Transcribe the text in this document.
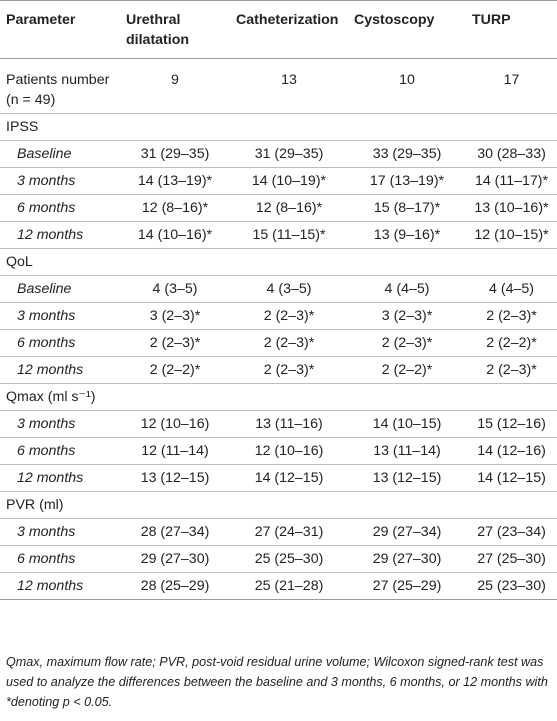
Parameter	Urethral dilatation	Catheterization	Cystoscopy	TURP
Patients number (n = 49)	9	13	10	17
IPSS				
Baseline	31 (29–35)	31 (29–35)	33 (29–35)	30 (28–33)
3 months	14 (13–19)*	14 (10–19)*	17 (13–19)*	14 (11–17)*
6 months	12 (8–16)*	12 (8–16)*	15 (8–17)*	13 (10–16)*
12 months	14 (10–16)*	15 (11–15)*	13 (9–16)*	12 (10–15)*
QoL				
Baseline	4 (3–5)	4 (3–5)	4 (4–5)	4 (4–5)
3 months	3 (2–3)*	2 (2–3)*	3 (2–3)*	2 (2–3)*
6 months	2 (2–3)*	2 (2–3)*	2 (2–3)*	2 (2–2)*
12 months	2 (2–2)*	2 (2–3)*	2 (2–2)*	2 (2–3)*
Qmax (ml s⁻¹)				
3 months	12 (10–16)	13 (11–16)	14 (10–15)	15 (12–16)
6 months	12 (11–14)	12 (10–16)	13 (11–14)	14 (12–16)
12 months	13 (12–15)	14 (12–15)	13 (12–15)	14 (12–15)
PVR (ml)				
3 months	28 (27–34)	27 (24–31)	29 (27–34)	27 (23–34)
6 months	29 (27–30)	25 (25–30)	29 (27–30)	27 (25–30)
12 months	28 (25–29)	25 (21–28)	27 (25–29)	25 (23–30)
Qmax, maximum flow rate; PVR, post-void residual urine volume; Wilcoxon signed-rank test was used to analyze the differences between the baseline and 3 months, 6 months, or 12 months with *denoting p < 0.05.
